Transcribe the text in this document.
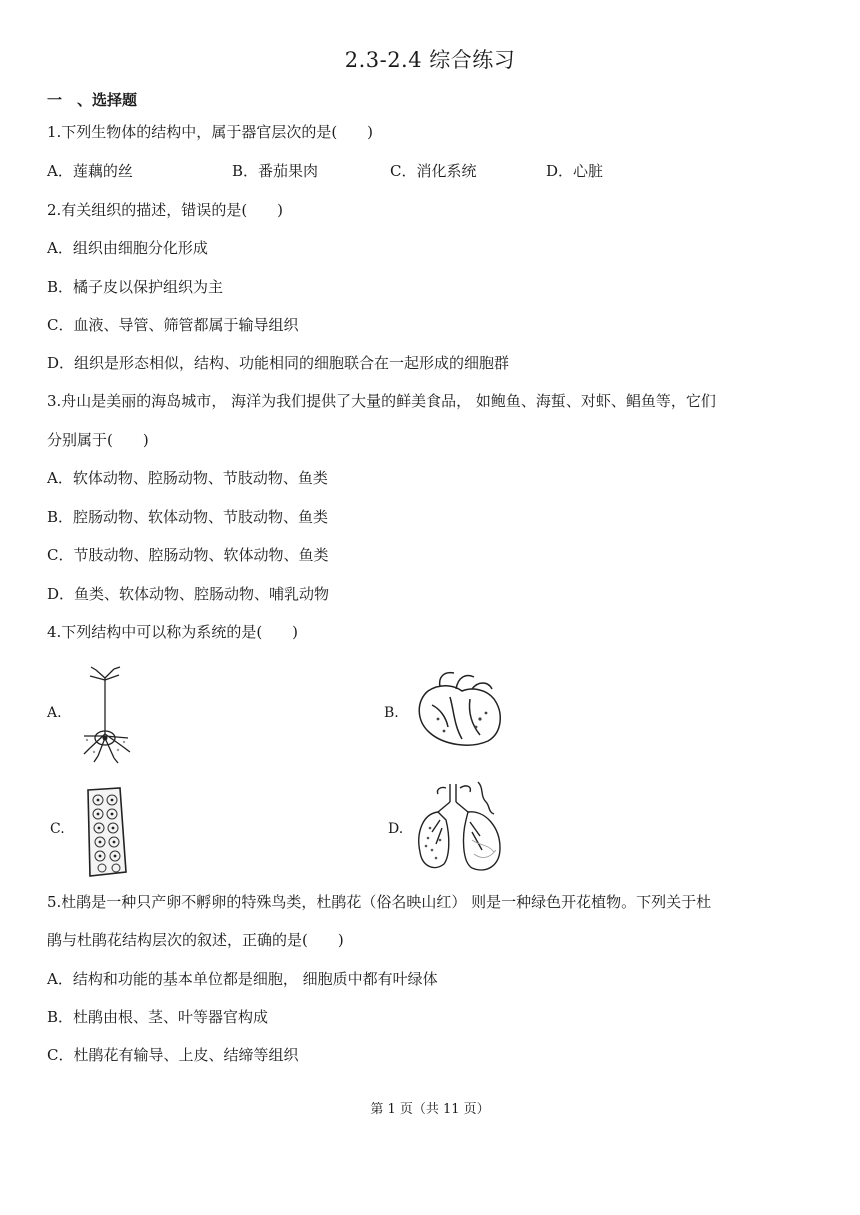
2.3-2.4 综合练习
一　、选择题
1.下列生物体的结构中，属于器官层次的是(　　)
A．莲藕的丝	B．番茄果肉	C．消化系统	D．心脏
2.有关组织的描述，错误的是(　　)
A．组织由细胞分化形成
B．橘子皮以保护组织为主
C．血液、导管、筛管都属于输导组织
D．组织是形态相似，结构、功能相同的细胞联合在一起形成的细胞群
3.舟山是美丽的海岛城市， 海洋为我们提供了大量的鲜美食品， 如鲍鱼、海蜇、对虾、鲳鱼等，它们
分别属于(　　)
A．软体动物、腔肠动物、节肢动物、鱼类
B．腔肠动物、软体动物、节肢动物、鱼类
C．节肢动物、腔肠动物、软体动物、鱼类
D．鱼类、软体动物、腔肠动物、哺乳动物
4.下列结构中可以称为系统的是(　　)
A.	B.
C.	D.
5.杜鹃是一种只产卵不孵卵的特殊鸟类，杜鹃花（俗名映山红） 则是一种绿色开花植物。下列关于杜
鹃与杜鹃花结构层次的叙述，正确的是(　　)
A．结构和功能的基本单位都是细胞， 细胞质中都有叶绿体
B．杜鹃由根、茎、叶等器官构成
C．杜鹃花有输导、上皮、结缔等组织
第 1 页（共 11 页）
